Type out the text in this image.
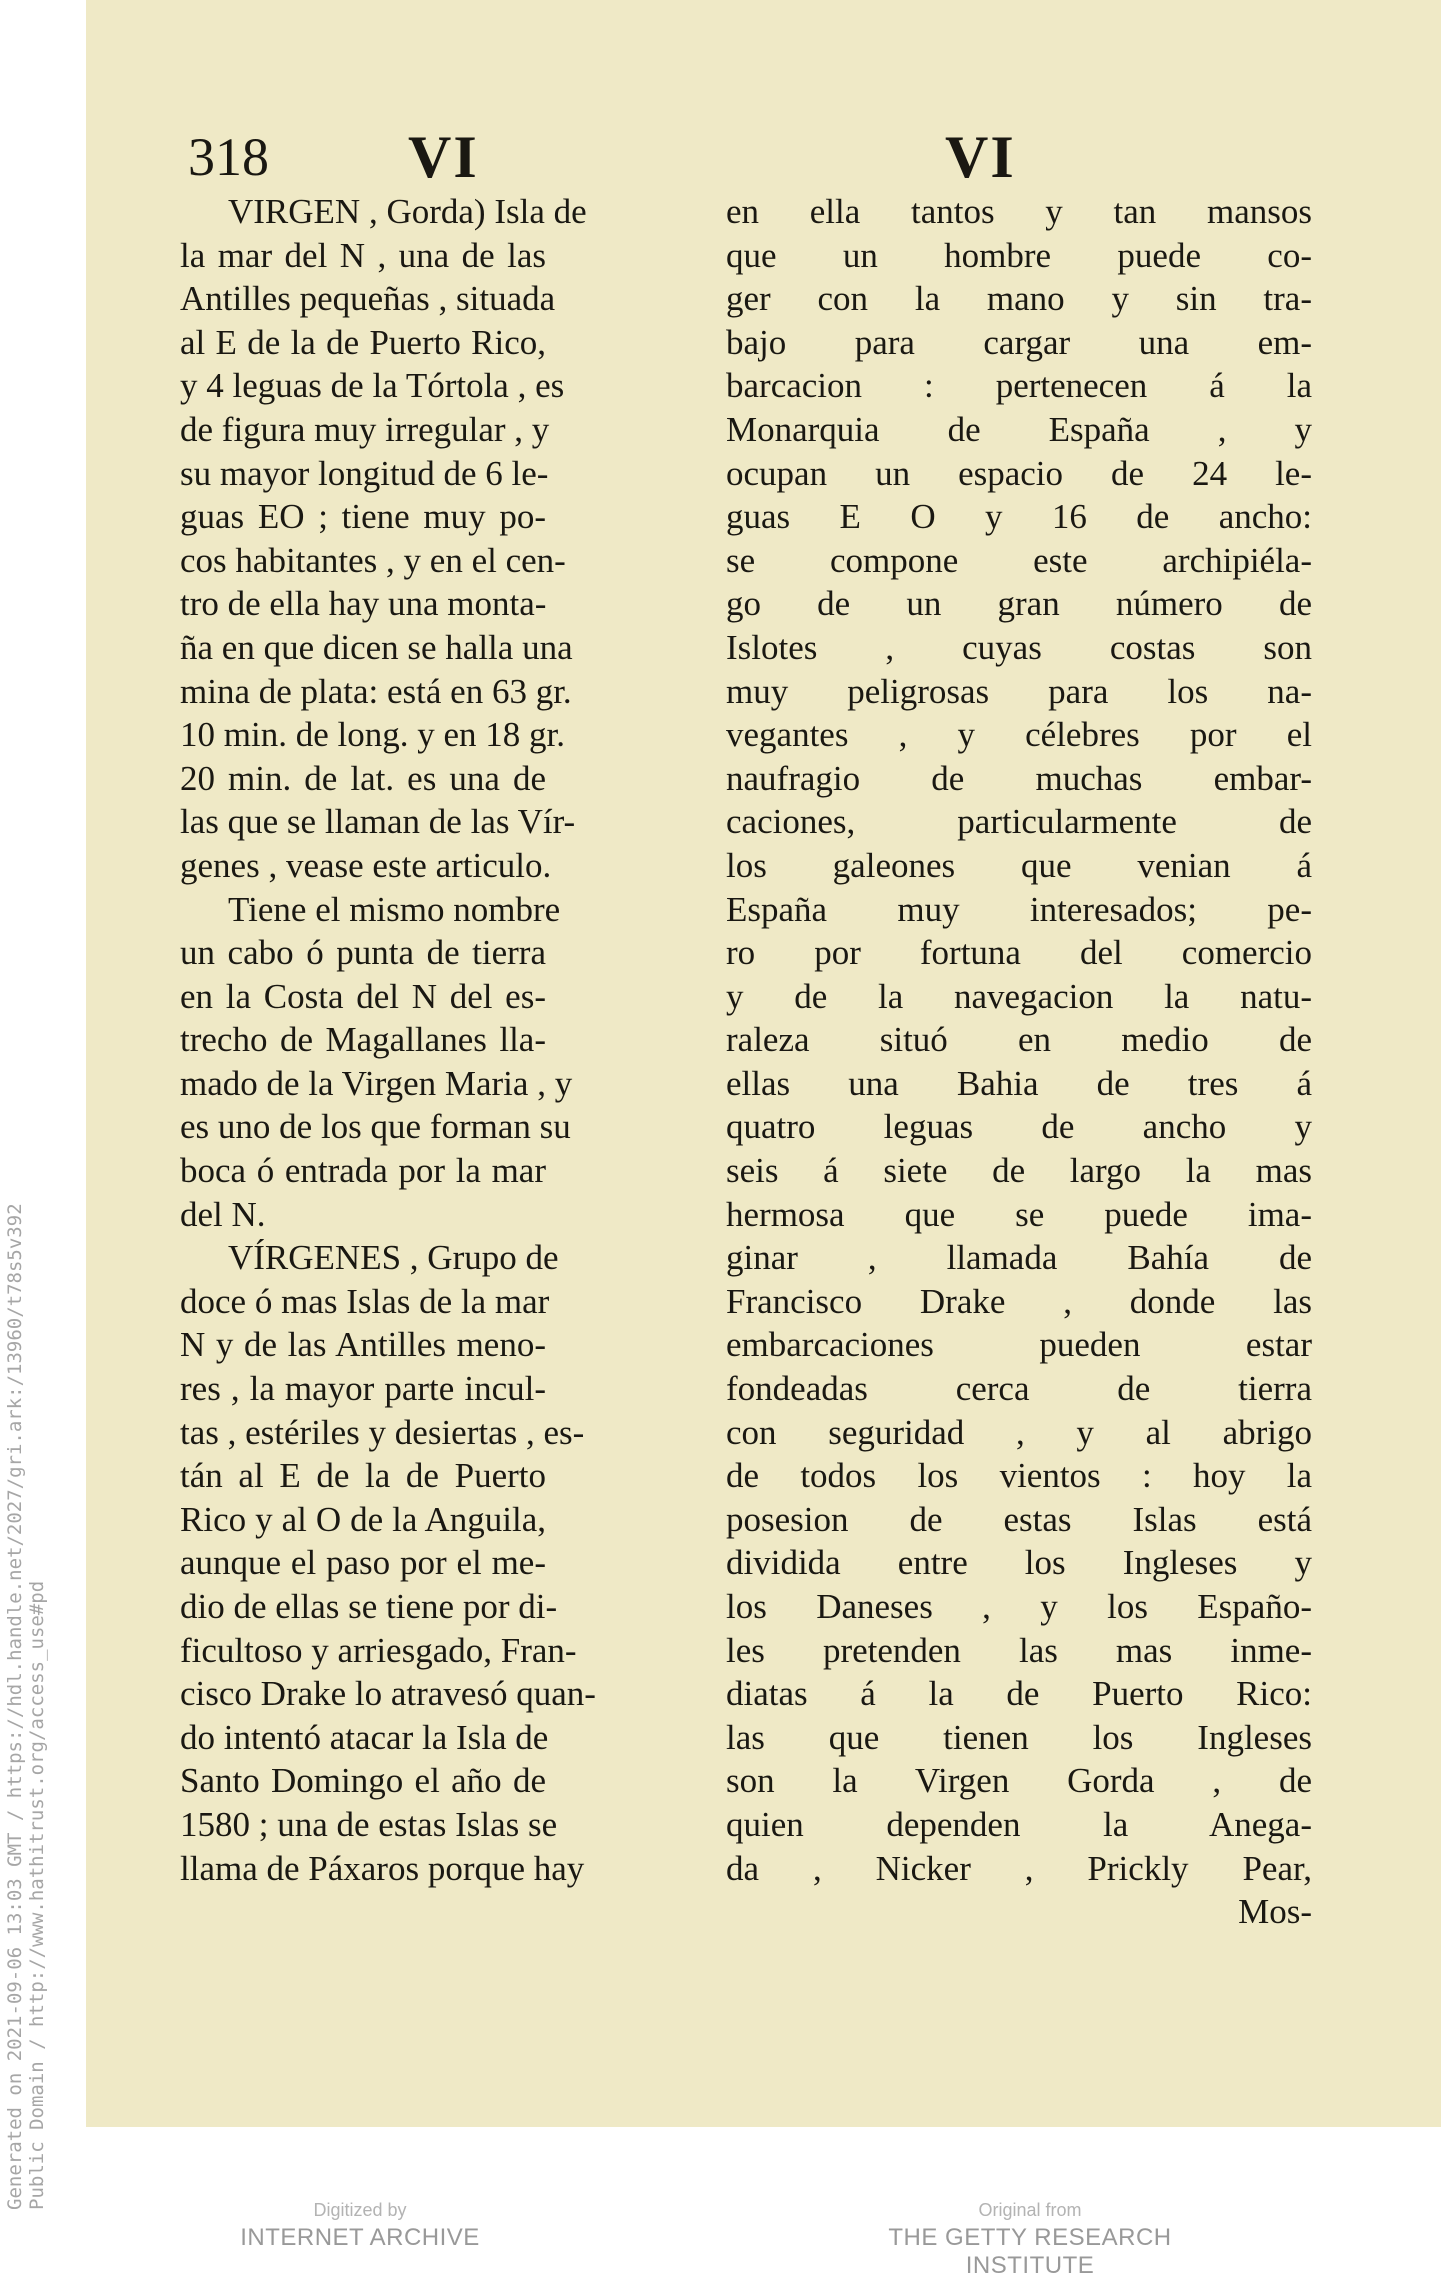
Generated on 2021-09-06 13:03 GMT / https://hdl.handle.net/2027/gri.ark:/13960/t78s5v392 Public Domain / http://www.hathitrust.org/access_use#pd
318 VI	VI
VIRGEN , Gorda) Isla de
la mar del N , una de las
Antilles pequeñas , situada
al E de la de Puerto Rico,
y 4 leguas de la Tórtola , es
de figura muy irregular , y
su mayor longitud de 6 le-
guas EO ; tiene muy po-
cos habitantes , y en el cen-
tro de ella hay una monta-
ña en que dicen se halla una
mina de plata: está en 63 gr.
10 min. de long. y en 18 gr.
20 min. de lat. es una de
las que se llaman de las Vír-
genes , vease este articulo.
Tiene el mismo nombre
un cabo ó punta de tierra
en la Costa del N del es-
trecho de Magallanes lla-
mado de la Virgen Maria , y
es uno de los que forman su
boca ó entrada por la mar
del N.
VÍRGENES , Grupo de
doce ó mas Islas de la mar
N y de las Antilles meno-
res , la mayor parte incul-
tas , estériles y desiertas , es-
tán al E de la de Puerto
Rico y al O de la Anguila,
aunque el paso por el me-
dio de ellas se tiene por di-
ficultoso y arriesgado, Fran-
cisco Drake lo atravesó quan-
do intentó atacar la Isla de
Santo Domingo el año de
1580 ; una de estas Islas se
llama de Páxaros porque hay
en ella tantos y tan mansos
que un hombre puede co-
ger con la mano y sin tra-
bajo para cargar una em-
barcacion : pertenecen á la
Monarquia de España , y
ocupan un espacio de 24 le-
guas E O y 16 de ancho:
se compone este archipiéla-
go de un gran número de
Islotes , cuyas costas son
muy peligrosas para los na-
vegantes , y célebres por el
naufragio de muchas embar-
caciones, particularmente de
los galeones que venian á
España muy interesados; pe-
ro por fortuna del comercio
y de la navegacion la natu-
raleza situó en medio de
ellas una Bahia de tres á
quatro leguas de ancho y
seis á siete de largo la mas
hermosa que se puede ima-
ginar , llamada Bahía de
Francisco Drake , donde las
embarcaciones pueden estar
fondeadas cerca de tierra
con seguridad , y al abrigo
de todos los vientos : hoy la
posesion de estas Islas está
dividida entre los Ingleses y
los Daneses , y los Españo-
les pretenden las mas inme-
diatas á la de Puerto Rico:
las que tienen los Ingleses
son la Virgen Gorda , de
quien dependen la Anega-
da , Nicker , Prickly Pear,
Mos-
Digitized by
INTERNET ARCHIVE
Original from
THE GETTY RESEARCH INSTITUTE
